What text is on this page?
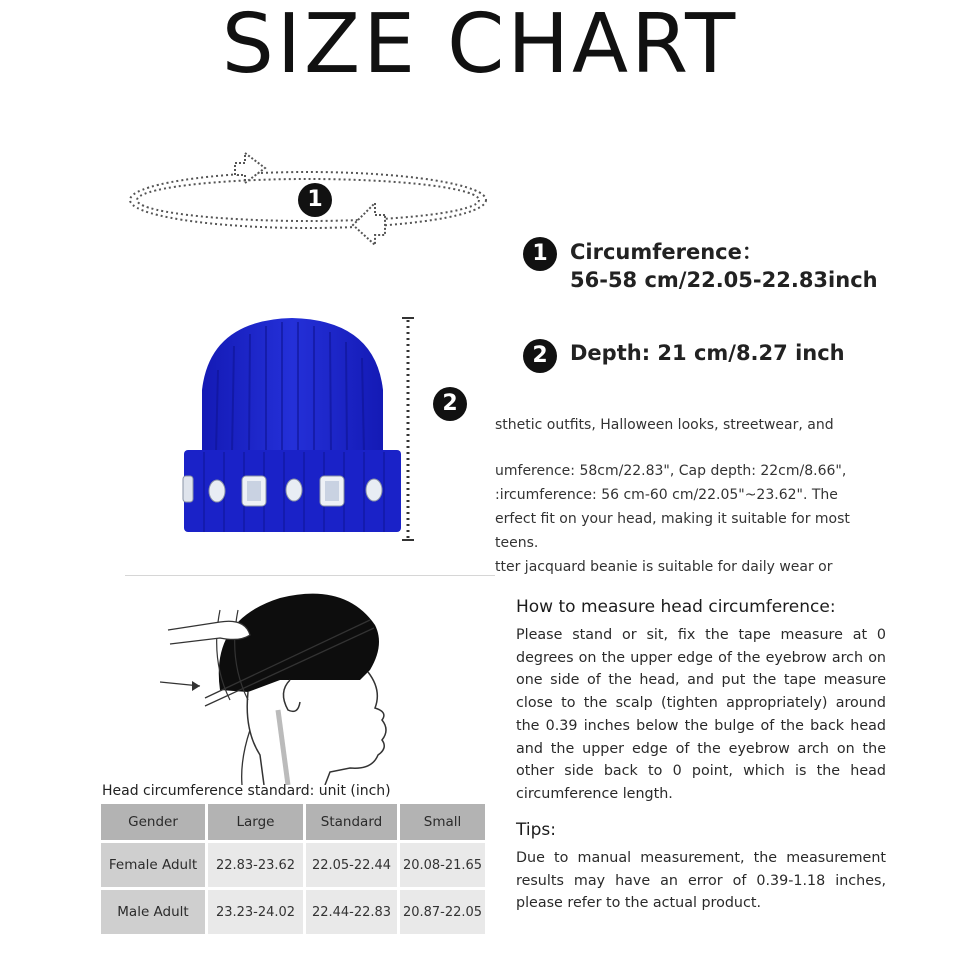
SIZE CHART
1
1	Circumference：
56-58 cm/22.05-22.83inch
2
2	Depth: 21 cm/8.27 inch
sthetic outfits, Halloween looks, streetwear, and
umference: 58cm/22.83", Cap depth: 22cm/8.66",
:ircumference: 56 cm-60 cm/22.05"~23.62". The
erfect fit on your head, making it suitable for most
teens.
tter jacquard beanie is suitable for daily wear or
How to measure head circumference:
Please stand or sit, fix the tape measure at 0 degrees on the upper edge of the eyebrow arch on one side of the head, and put the tape measure close to the scalp (tighten appropriately) around the 0.39 inches below the bulge of the back head and the upper edge of the eyebrow arch on the other side back to 0 point, which is the head circumference length.
Tips:
Due to manual measurement, the measurement results may have an error of 0.39-1.18 inches, please refer to the actual product.
Head circumference standard: unit (inch)
Gender	Large	Standard	Small
Female Adult	22.83-23.62	22.05-22.44	20.08-21.65
Male Adult	23.23-24.02	22.44-22.83	20.87-22.05
